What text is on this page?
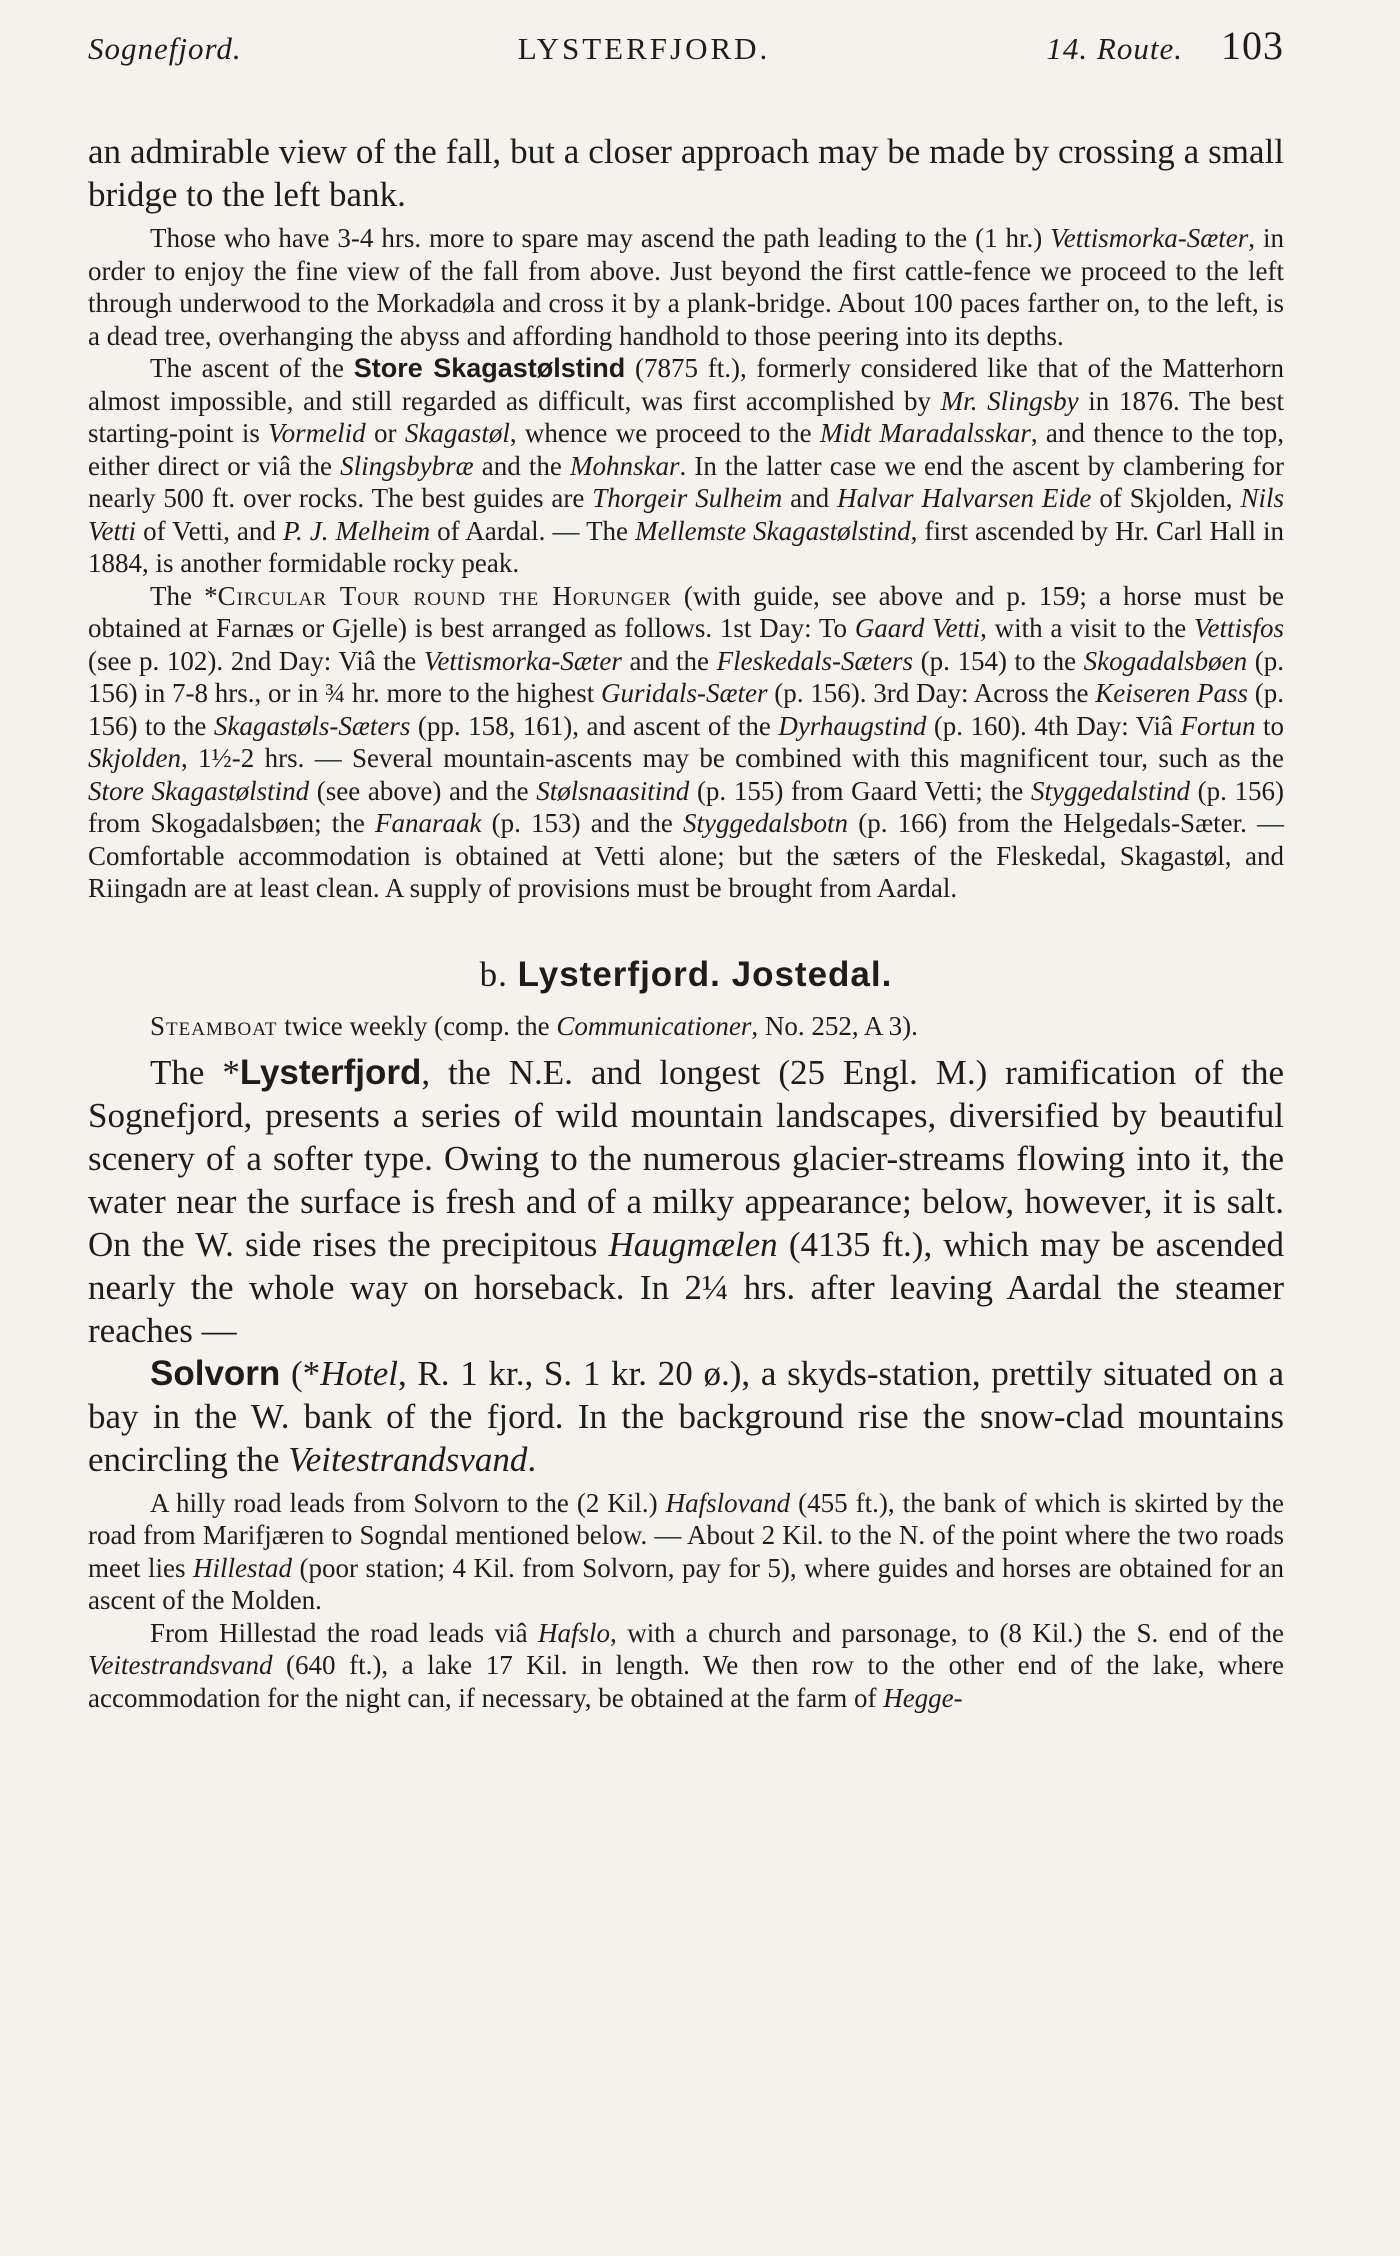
Sognefjord.	LYSTERFJORD.	14. Route. 103

an admirable view of the fall, but a closer approach may be made by crossing a small bridge to the left bank.

Those who have 3-4 hrs. more to spare may ascend the path leading to the (1 hr.) Vettismorka-Sæter, in order to enjoy the fine view of the fall from above. Just beyond the first cattle-fence we proceed to the left through underwood to the Morkadøla and cross it by a plank-bridge. About 100 paces farther on, to the left, is a dead tree, overhanging the abyss and affording handhold to those peering into its depths.

The ascent of the Store Skagastølstind (7875 ft.), formerly considered like that of the Matterhorn almost impossible, and still regarded as difficult, was first accomplished by Mr. Slingsby in 1876. The best starting-point is Vormelid or Skagastøl, whence we proceed to the Midt Maradalsskar, and thence to the top, either direct or viâ the Slingsbybræ and the Mohnskar. In the latter case we end the ascent by clambering for nearly 500 ft. over rocks. The best guides are Thorgeir Sulheim and Halvar Halvarsen Eide of Skjolden, Nils Vetti of Vetti, and P. J. Melheim of Aardal. — The Mellemste Skagastølstind, first ascended by Hr. Carl Hall in 1884, is another formidable rocky peak.

The *Circular Tour round the Horunger (with guide, see above and p. 159; a horse must be obtained at Farnæs or Gjelle) is best arranged as follows. 1st Day: To Gaard Vetti, with a visit to the Vettisfos (see p. 102). 2nd Day: Viâ the Vettismorka-Sæter and the Fleskedals-Sæters (p. 154) to the Skogadalsbøen (p. 156) in 7-8 hrs., or in ¾ hr. more to the highest Guridals-Sæter (p. 156). 3rd Day: Across the Keiseren Pass (p. 156) to the Skagastøls-Sæters (pp. 158, 161), and ascent of the Dyrhaugstind (p. 160). 4th Day: Viâ Fortun to Skjolden, 1½-2 hrs. — Several mountain-ascents may be combined with this magnificent tour, such as the Store Skagastølstind (see above) and the Stølsnaasitind (p. 155) from Gaard Vetti; the Styggedalstind (p. 156) from Skogadalsbøen; the Fanaraak (p. 153) and the Styggedalsbotn (p. 166) from the Helgedals-Sæter. — Comfortable accommodation is obtained at Vetti alone; but the sæters of the Fleskedal, Skagastøl, and Riingadn are at least clean. A supply of provisions must be brought from Aardal.

b. Lysterfjord. Jostedal.

Steamboat twice weekly (comp. the Communicationer, No. 252, A 3).

The *Lysterfjord, the N.E. and longest (25 Engl. M.) ramification of the Sognefjord, presents a series of wild mountain landscapes, diversified by beautiful scenery of a softer type. Owing to the numerous glacier-streams flowing into it, the water near the surface is fresh and of a milky appearance; below, however, it is salt. On the W. side rises the precipitous Haugmælen (4135 ft.), which may be ascended nearly the whole way on horseback. In 2¼ hrs. after leaving Aardal the steamer reaches —

Solvorn (*Hotel, R. 1 kr., S. 1 kr. 20 ø.), a skyds-station, prettily situated on a bay in the W. bank of the fjord. In the background rise the snow-clad mountains encircling the Veitestrandsvand.

A hilly road leads from Solvorn to the (2 Kil.) Hafslovand (455 ft.), the bank of which is skirted by the road from Marifjæren to Sogndal mentioned below. — About 2 Kil. to the N. of the point where the two roads meet lies Hillestad (poor station; 4 Kil. from Solvorn, pay for 5), where guides and horses are obtained for an ascent of the Molden.

From Hillestad the road leads viâ Hafslo, with a church and parsonage, to (8 Kil.) the S. end of the Veitestrandsvand (640 ft.), a lake 17 Kil. in length. We then row to the other end of the lake, where accommodation for the night can, if necessary, be obtained at the farm of Hegge-
